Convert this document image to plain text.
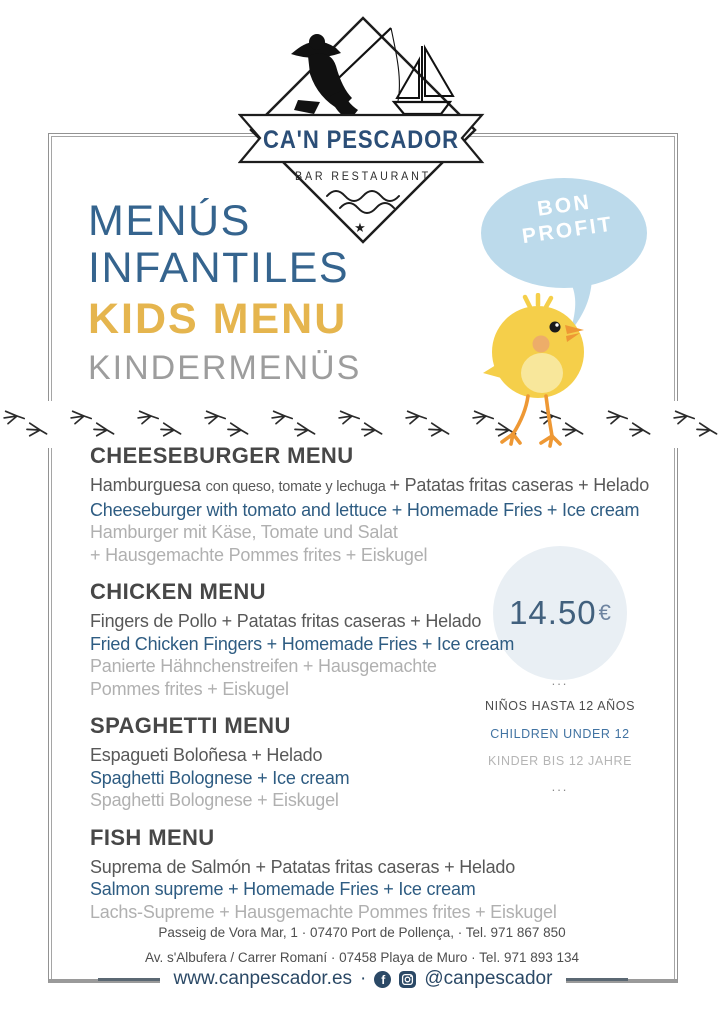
CA'N PESCADOR
BAR RESTAURANT
★
MENÚS
INFANTILES
KIDS MENU
KINDERMENÜS
BON
PROFIT
CHEESEBURGER MENU
Hamburguesa con queso, tomate y lechuga + Patatas fritas caseras + Helado
Cheeseburger with tomato and lettuce + Homemade Fries + Ice cream
Hamburger mit Käse, Tomate und Salat
+ Hausgemachte Pommes frites + Eiskugel
CHICKEN MENU
Fingers de Pollo + Patatas fritas caseras + Helado
Fried Chicken Fingers + Homemade Fries + Ice cream
Panierte Hähnchenstreifen + Hausgemachte
Pommes frites + Eiskugel
SPAGHETTI MENU
Espagueti Boloñesa + Helado
Spaghetti Bolognese + Ice cream
Spaghetti Bolognese + Eiskugel
FISH MENU
Suprema de Salmón + Patatas fritas caseras + Helado
Salmon supreme + Homemade Fries + Ice cream
Lachs-Supreme + Hausgemachte Pommes frites + Eiskugel
14.50 €
...
NIÑOS HASTA 12 AÑOS
CHILDREN UNDER 12
KINDER BIS 12 JAHRE
...
Passeig de Vora Mar, 1 · 07470 Port de Pollença, · Tel. 971 867 850
Av. s'Albufera / Carrer Romaní · 07458 Playa de Muro · Tel. 971 893 134
www.canpescador.es · f @canpescador
